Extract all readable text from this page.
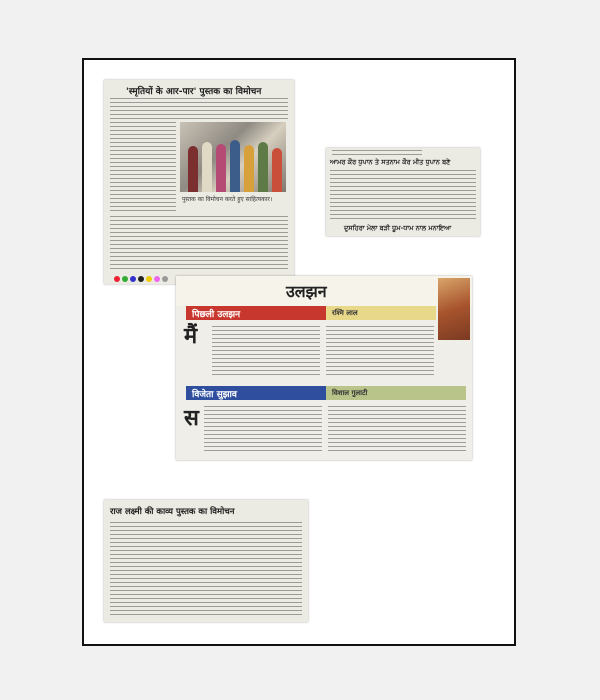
'स्मृतियों के आर-पार' पुस्तक का विमोचन
पुस्तक का विमोचन करते हुए साहित्यकार।
ਆਮਰ ਕੌਰ ਧੁਪਾਨ ਤੇ ਸਤਨਾਮ ਕੌਰ ਮੀਤ ਧੁਪਾਨ ਬਣੇ
ਦੁਸਹਿਰਾ ਮੇਲਾ ਬੜੀ ਧੂਮ-ਧਾਮ ਨਾਲ ਮਨਾਇਆ
उलझन
पिछली उलझन	रश्मि लाल
मैं
विजेता सुझाव	विशाल गुलाटी
स
राज लक्ष्मी की काव्य पुस्तक का विमोचन
